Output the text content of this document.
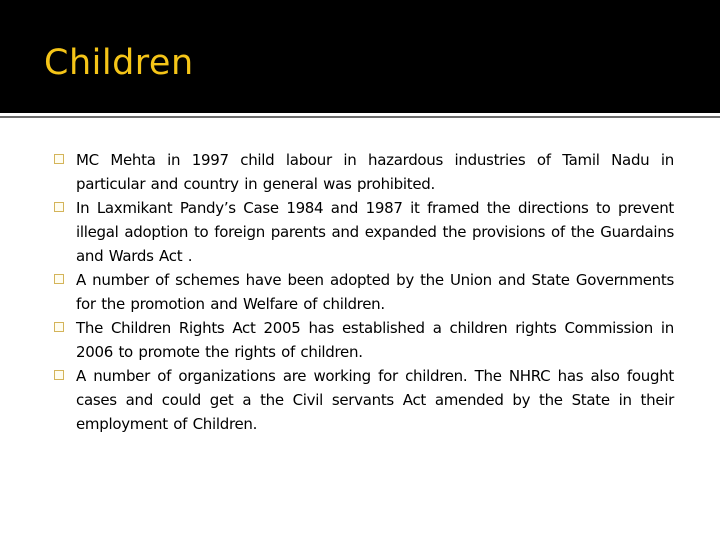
Children
MC Mehta in 1997 child labour in hazardous industries of Tamil Nadu in particular and country in general was prohibited.
In Laxmikant Pandy’s Case 1984 and 1987 it framed the directions to prevent illegal adoption to foreign parents and expanded the provisions of the Guardains and Wards Act .
A number of schemes have been adopted by the Union and State Governments for the promotion and Welfare of children.
The Children Rights Act 2005 has established a children rights Commission in 2006 to promote the rights of children.
A number of organizations are working for children. The NHRC has also fought cases and could get a the Civil servants Act amended by the State in their employment of Children.
